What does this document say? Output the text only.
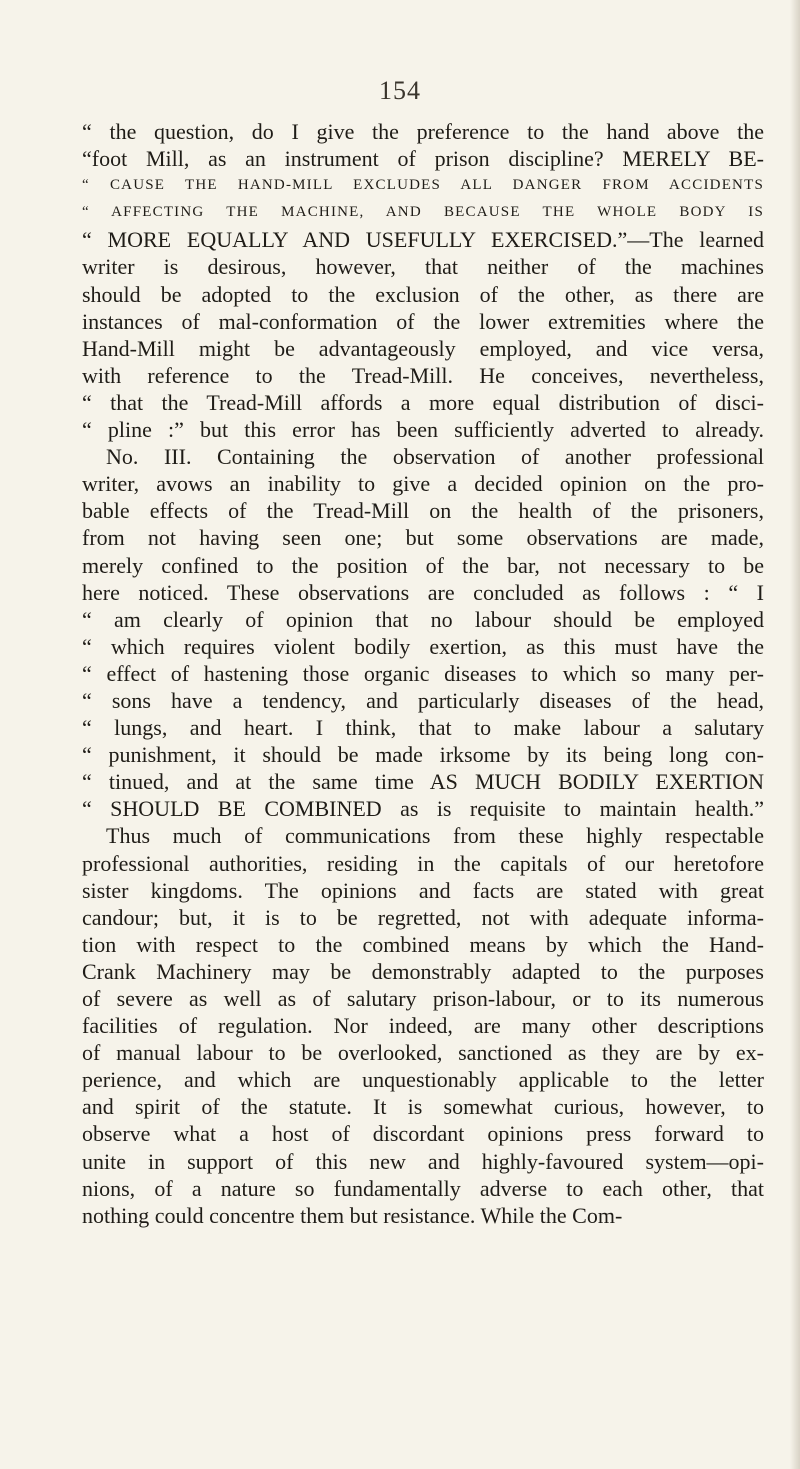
154
“ the question, do I give the preference to the hand above the
“foot Mill, as an instrument of prison discipline? MERELY BE-
“ CAUSE THE HAND-MILL EXCLUDES ALL DANGER FROM ACCIDENTS
“ AFFECTING THE MACHINE, AND BECAUSE THE WHOLE BODY IS
“ MORE EQUALLY AND USEFULLY EXERCISED.”—The learned
writer is desirous, however, that neither of the machines
should be adopted to the exclusion of the other, as there are
instances of mal-conformation of the lower extremities where the
Hand-Mill might be advantageously employed, and vice versa,
with reference to the Tread-Mill. He conceives, nevertheless,
“ that the Tread-Mill affords a more equal distribution of disci-
“ pline :” but this error has been sufficiently adverted to already.
No. III. Containing the observation of another professional
writer, avows an inability to give a decided opinion on the pro-
bable effects of the Tread-Mill on the health of the prisoners,
from not having seen one; but some observations are made,
merely confined to the position of the bar, not necessary to be
here noticed. These observations are concluded as follows : “ I
“ am clearly of opinion that no labour should be employed
“ which requires violent bodily exertion, as this must have the
“ effect of hastening those organic diseases to which so many per-
“ sons have a tendency, and particularly diseases of the head,
“ lungs, and heart. I think, that to make labour a salutary
“ punishment, it should be made irksome by its being long con-
“ tinued, and at the same time AS MUCH BODILY EXERTION
“ SHOULD BE COMBINED as is requisite to maintain health.”
Thus much of communications from these highly respectable
professional authorities, residing in the capitals of our heretofore
sister kingdoms. The opinions and facts are stated with great
candour; but, it is to be regretted, not with adequate informa-
tion with respect to the combined means by which the Hand-
Crank Machinery may be demonstrably adapted to the purposes
of severe as well as of salutary prison-labour, or to its numerous
facilities of regulation. Nor indeed, are many other descriptions
of manual labour to be overlooked, sanctioned as they are by ex-
perience, and which are unquestionably applicable to the letter
and spirit of the statute. It is somewhat curious, however, to
observe what a host of discordant opinions press forward to
unite in support of this new and highly-favoured system—opi-
nions, of a nature so fundamentally adverse to each other, that
nothing could concentre them but resistance. While the Com-
